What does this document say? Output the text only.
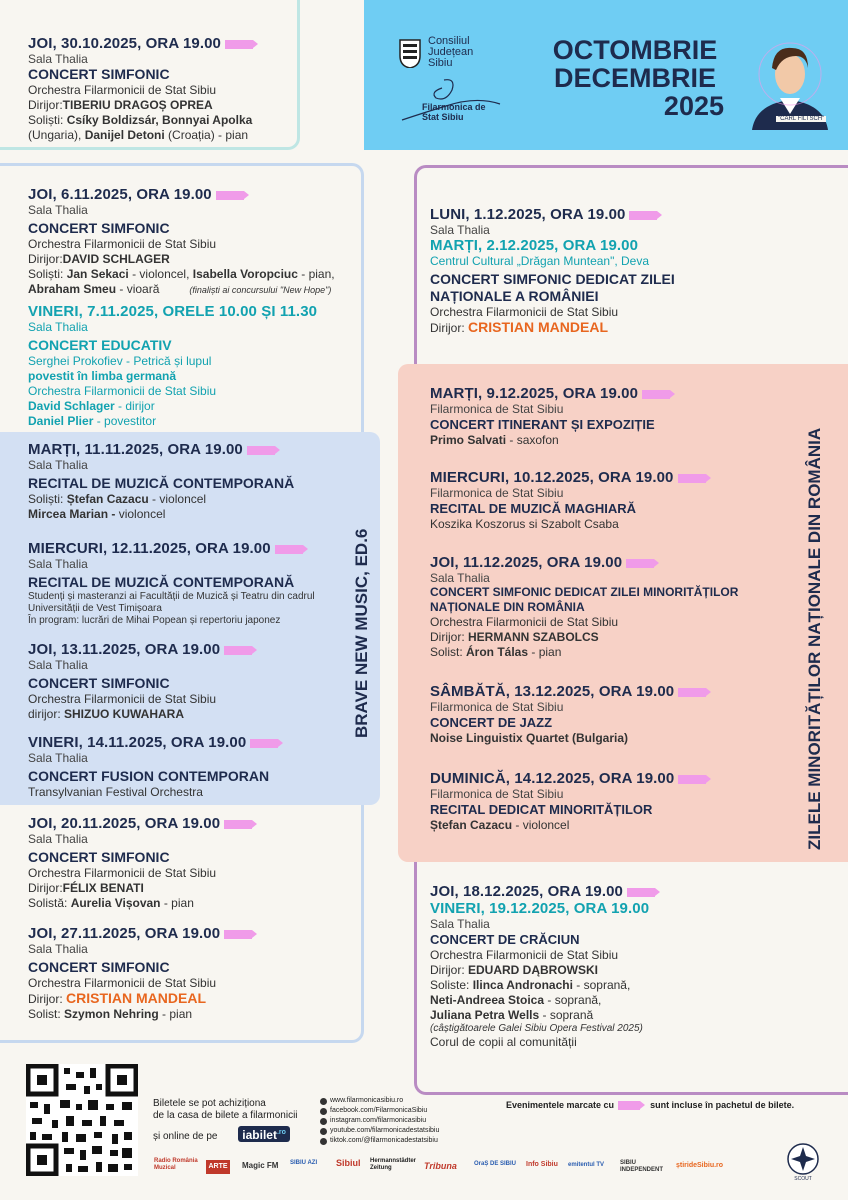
Consiliul Județean Sibiu
Filarmonica de Stat Sibiu
OCTOMBRIE
DECEMBRIE
2025	"CARL FILTSCH"
JOI, 30.10.2025, ORA 19.00
Sala Thalia
CONCERT SIMFONIC
Orchestra Filarmonicii de Stat Sibiu
Dirijor:TIBERIU DRAGOȘ OPREA
Soliști: Csíky Boldizsár, Bonnyai Apolka
(Ungaria), Danijel Detoni (Croația) - pian
BRAVE NEW MUSIC, ED.6
JOI, 6.11.2025, ORA 19.00
Sala Thalia
CONCERT SIMFONIC
Orchestra Filarmonicii de Stat Sibiu
Dirijor:DAVID SCHLAGER
Soliști: Jan Sekaci - violoncel, Isabella Voropciuc - pian,
Abraham Smeu - vioară	(finaliști ai concursului "New Hope")
VINERI, 7.11.2025, ORELE 10.00 ȘI 11.30
Sala Thalia
CONCERT EDUCATIV
Serghei Prokofiev - Petrică și lupul
povestit în limba germană
Orchestra Filarmonicii de Stat Sibiu
David Schlager - dirijor
Daniel Plier - povestitor
MARȚI, 11.11.2025, ORA 19.00
Sala Thalia
RECITAL DE MUZICĂ CONTEMPORANĂ
Soliști: Ștefan Cazacu - violoncel
Mircea Marian - violoncel
MIERCURI, 12.11.2025, ORA 19.00
Sala Thalia
RECITAL DE MUZICĂ CONTEMPORANĂ
Studenți și masteranzi ai Facultății de Muzică și Teatru din cadrul
Universității de Vest Timișoara
În program: lucrări de Mihai Popean și repertoriu japonez
JOI, 13.11.2025, ORA 19.00
Sala Thalia
CONCERT SIMFONIC
Orchestra Filarmonicii de Stat Sibiu
dirijor: SHIZUO KUWAHARA
VINERI, 14.11.2025, ORA 19.00
Sala Thalia
CONCERT FUSION CONTEMPORAN
Transylvanian Festival Orchestra
JOI, 20.11.2025, ORA 19.00
Sala Thalia
CONCERT SIMFONIC
Orchestra Filarmonicii de Stat Sibiu
Dirijor:FÉLIX BENATI
Solistă: Aurelia Vișovan - pian
JOI, 27.11.2025, ORA 19.00
Sala Thalia
CONCERT SIMFONIC
Orchestra Filarmonicii de Stat Sibiu
Dirijor: CRISTIAN MANDEAL
Solist: Szymon Nehring - pian
ZILELE MINORITĂȚILOR NAȚIONALE DIN ROMÂNIA
LUNI, 1.12.2025, ORA 19.00
Sala Thalia
MARȚI, 2.12.2025, ORA 19.00
Centrul Cultural „Drăgan Muntean", Deva
CONCERT SIMFONIC DEDICAT ZILEI
NAȚIONALE A ROMÂNIEI
Orchestra Filarmonicii de Stat Sibiu
Dirijor: CRISTIAN MANDEAL
MARȚI, 9.12.2025, ORA 19.00
Filarmonica de Stat Sibiu
CONCERT ITINERANT ȘI EXPOZIȚIE
Primo Salvati - saxofon
MIERCURI, 10.12.2025, ORA 19.00
Filarmonica de Stat Sibiu
RECITAL DE MUZICĂ MAGHIARĂ
Koszika Koszorus si Szabolt Csaba
JOI, 11.12.2025, ORA 19.00
Sala Thalia
CONCERT SIMFONIC DEDICAT ZILEI MINORITĂȚILOR
NAȚIONALE DIN ROMÂNIA
Orchestra Filarmonicii de Stat Sibiu
Dirijor: HERMANN SZABOLCS
Solist: Áron Tálas - pian
SÂMBĂTĂ, 13.12.2025, ORA 19.00
Filarmonica de Stat Sibiu
CONCERT DE JAZZ
Noise Linguistix Quartet (Bulgaria)
DUMINICĂ, 14.12.2025, ORA 19.00
Filarmonica de Stat Sibiu
RECITAL DEDICAT MINORITĂȚILOR
Ștefan Cazacu - violoncel
JOI, 18.12.2025, ORA 19.00
VINERI, 19.12.2025, ORA 19.00
Sala Thalia
CONCERT DE CRĂCIUN
Orchestra Filarmonicii de Stat Sibiu
Dirijor: EDUARD DĄBROWSKI
Soliste: Ilinca Andronachi - soprană,
Neti-Andreea Stoica - soprană,
Juliana Petra Wells - soprană
(câștigătoarele Galei Sibiu Opera Festival 2025)
Corul de copii al comunității
Biletele se pot achiziționa
de la casa de bilete a filarmonicii
și online de pe iabilet$^{.ro}$
www.filarmonicasibiu.ro
facebook.com/FilarmonicaSibiu
instagram.com/filarmonicasibiu
youtube.com/filarmonicadestatsibiu
tiktok.com/@filarmonicadestatsibiu
Evenimentele marcate cu	sunt incluse în pachetul de bilete.
Radio România Muzical	ARTE	Magic FM SIBIU AZI Sibiul Hermannstädter Zeitung	Tribuna	OraȘ DE SIBIU Info Sibiu emitentul TV	SIBIU INDEPENDENT
știrideSibiu.ro
SCOUT
